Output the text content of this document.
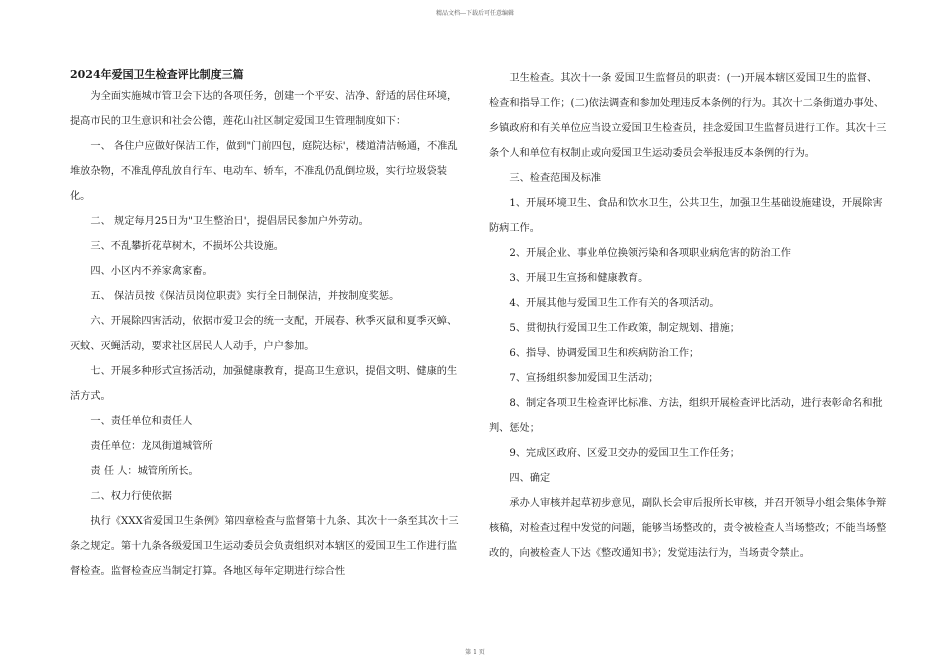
精品文档---下载后可任意编辑

2024年爱国卫生检查评比制度三篇

为全面实施城市管卫会下达的各项任务，创建一个平安、洁净、舒适的居住环境，提高市民的卫生意识和社会公德，莲花山社区制定爱国卫生管理制度如下：

一、 各住户应做好保洁工作，做到"门前四包，庭院达标'，楼道清洁畅通，不准乱堆放杂物，不准乱停乱放自行车、电动车、轿车，不准乱仍乱倒垃圾，实行垃圾袋装化。

二、 规定每月25日为"卫生整治日'，提倡居民参加户外劳动。

三、不乱攀折花草树木，不损坏公共设施。

四、小区内不养家禽家畜。

五、 保洁员按《保洁员岗位职责》实行全日制保洁，并按制度奖惩。

六、开展除四害活动，依据市爱卫会的统一支配，开展春、秋季灭鼠和夏季灭蟑、灭蚊、灭蝇活动，要求社区居民人人动手，户户参加。

七、开展多种形式宣扬活动，加强健康教育，提高卫生意识，提倡文明、健康的生活方式。

一、责任单位和责任人

责任单位：龙凤街道城管所

责 任 人：城管所所长。

二、权力行使依据

执行《XXX省爱国卫生条例》第四章检查与监督第十九条、其次十一条至其次十三条之规定。第十九条各级爱国卫生运动委员会负责组织对本辖区的爱国卫生工作进行监督检查。监督检查应当制定打算。各地区每年定期进行综合性

卫生检查。其次十一条 爱国卫生监督员的职责：(一)开展本辖区爱国卫生的监督、检查和指导工作；(二)依法调查和参加处理违反本条例的行为。其次十二条街道办事处、乡镇政府和有关单位应当设立爱国卫生检查员，挂念爱国卫生监督员进行工作。其次十三条个人和单位有权制止或向爱国卫生运动委员会举报违反本条例的行为。

三、检查范围及标准

1、开展环境卫生、食品和饮水卫生，公共卫生，加强卫生基础设施建设，开展除害防病工作。

2、开展企业、事业单位换领污染和各项职业病危害的防治工作

3、开展卫生宣扬和健康教育。

4、开展其他与爱国卫生工作有关的各项活动。

5、贯彻执行爱国卫生工作政策，制定规划、措施；

6、指导、协调爱国卫生和疾病防治工作；

7、宣扬组织参加爱国卫生活动；

8、制定各项卫生检查评比标准、方法，组织开展检查评比活动，进行表彰命名和批判、惩处；

9、完成区政府、区爱卫交办的爱国卫生工作任务；

四、确定

承办人审核并起草初步意见，副队长会审后报所长审核，并召开领导小组会集体争辩核稿，对检查过程中发觉的问题，能够当场整改的，责令被检查人当场整改；不能当场整改的，向被检查人下达《整改通知书》；发觉违法行为，当场责令禁止。

第 1 页
